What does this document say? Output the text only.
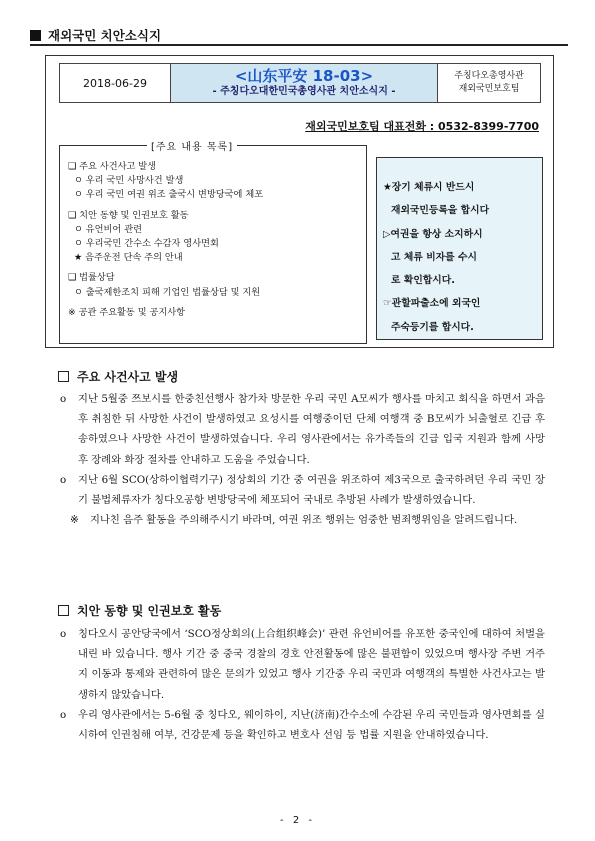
재외국민 치안소식지
2018-06-29	<山东平安 18-03>
- 주칭다오대한민국총영사관 치안소식지 -
주칭다오총영사관
재외국민보호팀
재외국민보호팀 대표전화 : 0532-8399-7700
[주요 내용 목록]
❑ 주요 사건사고 발생
ㅇ 우리 국민 사망사건 발생
ㅇ 우리 국민 여권 위조 출국시 변방당국에 체포
❑ 치안 동향 및 인권보호 활동
ㅇ 유언비어 관련
ㅇ 우리국민 간수소 수감자 영사면회
★ 음주운전 단속 주의 안내
❑ 법률상담
ㅇ 출국제한조치 피해 기업인 법률상담 및 지원
※ 공관 주요활동 및 공지사항
★장기 체류시 반드시
재외국민등록을 합시다
▷여권을 항상 소지하시
고 체류 비자를 수시
로 확인합시다.
☞관할파출소에 외국인
주숙등기를 합시다.
주요 사건사고 발생
o 지난 5월중 쯔보시를 한중친선행사 참가차 방문한 우리 국민 A모씨가 행사를 마치고 회식을 하면서 과음 후 취침한 뒤 사망한 사건이 발생하였고 요성시를 여행중이던 단체 여행객 중 B모씨가 뇌출혈로 긴급 후송하였으나 사망한 사건이 발생하였습니다. 우리 영사관에서는 유가족들의 긴급 입국 지원과 함께 사망 후 장례와 화장 절차를 안내하고 도움을 주었습니다.
o 지난 6월 SCO(상하이협력기구) 정상회의 기간 중 여권을 위조하여 제3국으로 출국하려던 우리 국민 장기 불법체류자가 칭다오공항 변방당국에 체포되어 국내로 추방된 사례가 발생하였습니다.
※ 지나친 음주 활동을 주의해주시기 바라며, 여권 위조 행위는 엄중한 범죄행위임을 알려드립니다.
치안 동향 및 인권보호 활동
o 칭다오시 공안당국에서 ‘SCO정상회의(上合组织峰会)’ 관련 유언비어를 유포한 중국인에 대하여 처벌을 내린 바 있습니다. 행사 기간 중 중국 경찰의 경호 안전활동에 많은 불편함이 있었으며 행사장 주변 거주지 이동과 통제와 관련하여 많은 문의가 있었고 행사 기간중 우리 국민과 여행객의 특별한 사건사고는 발생하지 않았습니다.
o 우리 영사관에서는 5-6월 중 칭다오, 웨이하이, 지난(济南)간수소에 수감된 우리 국민들과 영사면회를 실시하여 인권침해 여부, 건강문제 등을 확인하고 변호사 선임 등 법률 지원을 안내하였습니다.
- 2 -
